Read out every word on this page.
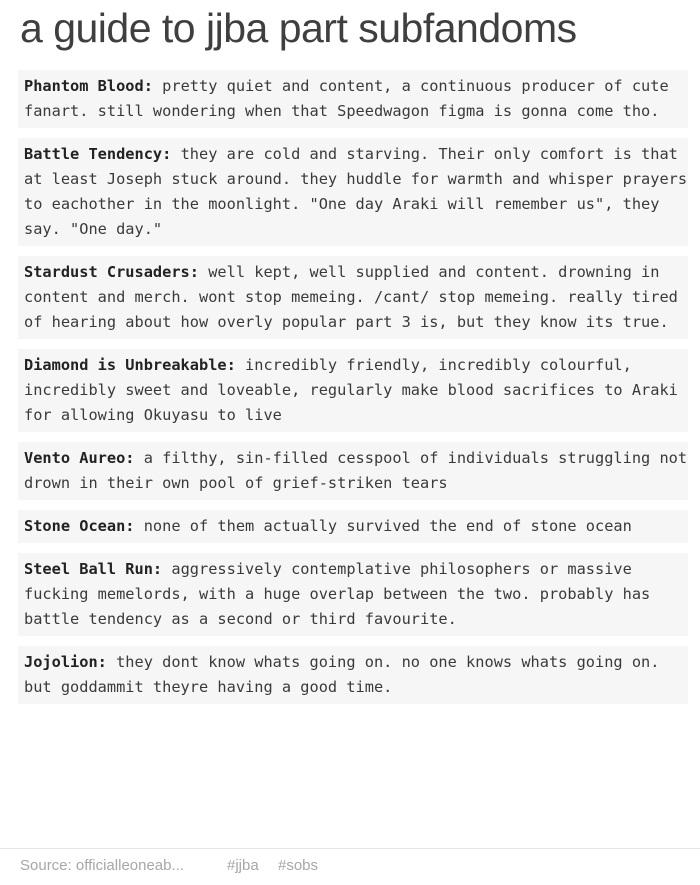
a guide to jjba part subfandoms
Phantom Blood: pretty quiet and content, a continuous producer of cute fanart. still wondering when that Speedwagon figma is gonna come tho.
Battle Tendency: they are cold and starving. Their only comfort is that at least Joseph stuck around. they huddle for warmth and whisper prayers to eachother in the moonlight. "One day Araki will remember us", they say. "One day."
Stardust Crusaders: well kept, well supplied and content. drowning in content and merch. wont stop memeing. /cant/ stop memeing. really tired of hearing about how overly popular part 3 is, but they know its true.
Diamond is Unbreakable: incredibly friendly, incredibly colourful, incredibly sweet and loveable, regularly make blood sacrifices to Araki for allowing Okuyasu to live
Vento Aureo: a filthy, sin-filled cesspool of individuals struggling not drown in their own pool of grief-striken tears
Stone Ocean: none of them actually survived the end of stone ocean
Steel Ball Run: aggressively contemplative philosophers or massive fucking memelords, with a huge overlap between the two. probably has battle tendency as a second or third favourite.
Jojolion: they dont know whats going on. no one knows whats going on. but goddammit theyre having a good time.
Source: officialleoneab...	#jjba #sobs
